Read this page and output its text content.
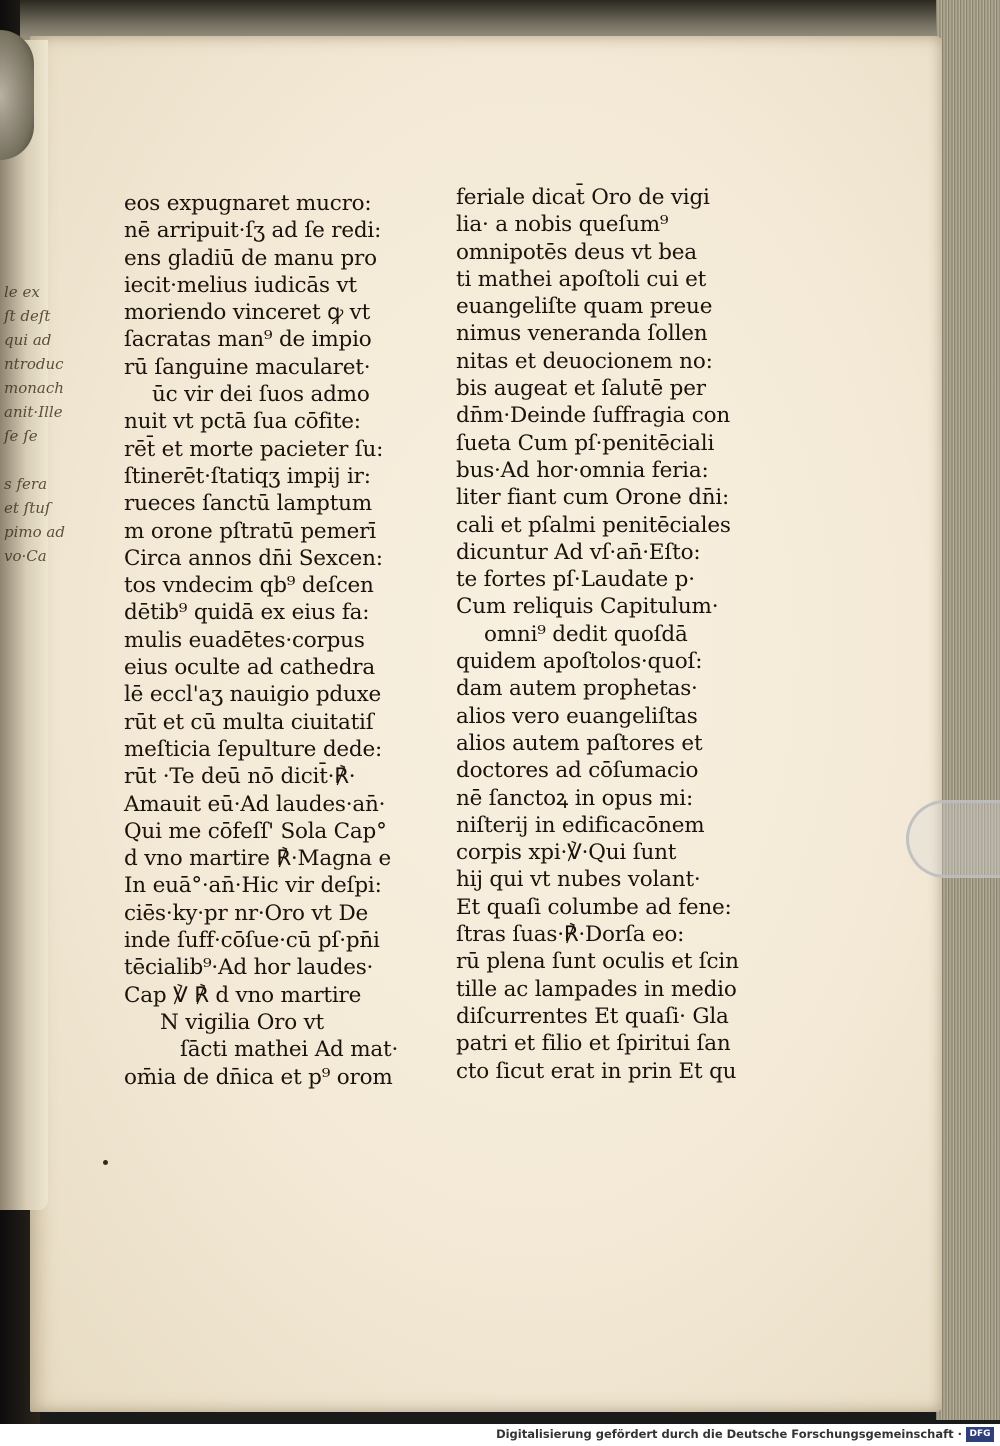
le ex
ſt deſt
qui ad
ntroduc
monach
anit·Ille
ſe ſe
s fera
et ſtuſ
pimo ad
vo·Ca
eos expugnaret mucro:
nē arripuit·ſʒ ad ſe redi:
ens gladiū de manu pro
iecit·melius iudicās vt
moriendo vinceret ꝙ vt
ſacratas man⁹ de impio
rū ſanguine macularet·
ūc vir dei ſuos admo
nuit vt pctā ſua cōfite:
rēt̄ et morte pacieter ſu:
ſtinerēt·ſtatiqʒ impij ir:
rueces ſanctū lamptum
m orone pſtratū pemerī
Circa annos dn̄i Sexcen:
tos vndecim qb⁹ deſcen
dētib⁹ quidā ex eius fa:
mulis euadētes·corpus
eius oculte ad cathedra
lē eccl'aʒ nauigio pduxe
rūt et cū multa ciuitatiſ
meſticia ſepulture dede:
rūt ·Te deū nō dicit̄·℟·
Amauit eū·Ad laudes·an̄·
Qui me cōfeſſ' Sola Cap°
d vno martire ℟·Magna e
In euā°·an̄·Hic vir deſpi:
ciēs·ky·pr nr·Oro vt De
inde ſuff·cōſue·cū pſ·pn̄i
tēcialib⁹·Ad hor laudes·
Cap ℣ ℟ d vno martire
N vigilia Oro vt
ſācti mathei Ad mat·
om̄ia de dn̄ica et p⁹ orom
feriale dicat̄ Oro de vigi
lia· a nobis queſum⁹
omnipotēs deus vt bea
ti mathei apoſtoli cui et
euangeliſte quam preue
nimus veneranda ſollen
nitas et deuocionem no:
bis augeat et ſalutē per
dn̄m·Deinde ſuffragia con
ſueta Cum pſ·penitēciali
bus·Ad hor·omnia feria:
liter fiant cum Orone dn̄i:
cali et pſalmi penitēciales
dicuntur Ad vſ·an̄·Eſto:
te fortes pſ·Laudate p·
Cum reliquis Capitulum·
omni⁹ dedit quoſdā
quidem apoſtolos·quoſ:
dam autem prophetas·
alios vero euangeliſtas
alios autem paſtores et
doctores ad cōſumacio
nē ſanctoꝝ in opus mi:
niſterij in edificacōnem
corpis xpi·℣·Qui ſunt
hij qui vt nubes volant·
Et quaſi columbe ad fene:
ſtras ſuas·℟·Dorſa eo:
rū plena ſunt oculis et ſcin
tille ac lampades in medio
diſcurrentes Et quaſi· Gla
patri et filio et ſpiritui ſan
cto ſicut erat in prin Et qu
Digitalisierung gefördert durch die Deutsche Forschungsgemeinschaft · DFG
